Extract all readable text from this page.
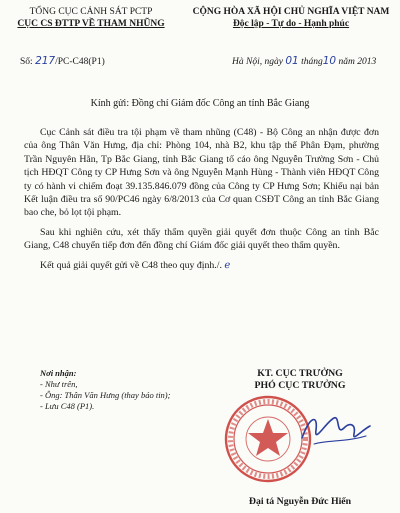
TỔNG CỤC CẢNH SÁT PCTP
CỤC CS ĐTTP VỀ THAM NHŨNG
CỘNG HÒA XÃ HỘI CHỦ NGHĨA VIỆT NAM
Độc lập - Tự do - Hạnh phúc
Số: 217/PC-C48(P1)	Hà Nội, ngày 01 tháng10 năm 2013
Kính gửi: Đồng chí Giám đốc Công an tỉnh Bắc Giang

Cục Cảnh sát điều tra tội phạm về tham nhũng (C48) - Bộ Công an nhận được đơn của ông Thân Văn Hưng, địa chỉ: Phòng 104, nhà B2, khu tập thể Phân Đạm, phường Trần Nguyên Hãn, Tp Bắc Giang, tỉnh Bắc Giang tố cáo ông Nguyễn Trường Sơn - Chủ tịch HĐQT Công ty CP Hưng Sơn và ông Nguyễn Mạnh Hùng - Thành viên HĐQT Công ty có hành vi chiếm đoạt 39.135.846.079 đồng của Công ty CP Hưng Sơn; Khiếu nại bản Kết luận điều tra số 90/PC46 ngày 6/8/2013 của Cơ quan CSĐT Công an tỉnh Bắc Giang bao che, bỏ lọt tội phạm.

Sau khi nghiên cứu, xét thấy thẩm quyền giải quyết đơn thuộc Công an tỉnh Bắc Giang, C48 chuyển tiếp đơn đến đồng chí Giám đốc giải quyết theo thẩm quyền.

Kết quả giải quyết gửi về C48 theo quy định./. ℯ

Nơi nhận:
- Như trên,
- Ông: Thân Văn Hưng (thay báo tin);
- Lưu C48 (P1).
KT. CỤC TRƯỞNG
PHÓ CỤC TRƯỞNG
Đại tá Nguyễn Đức Hiển
